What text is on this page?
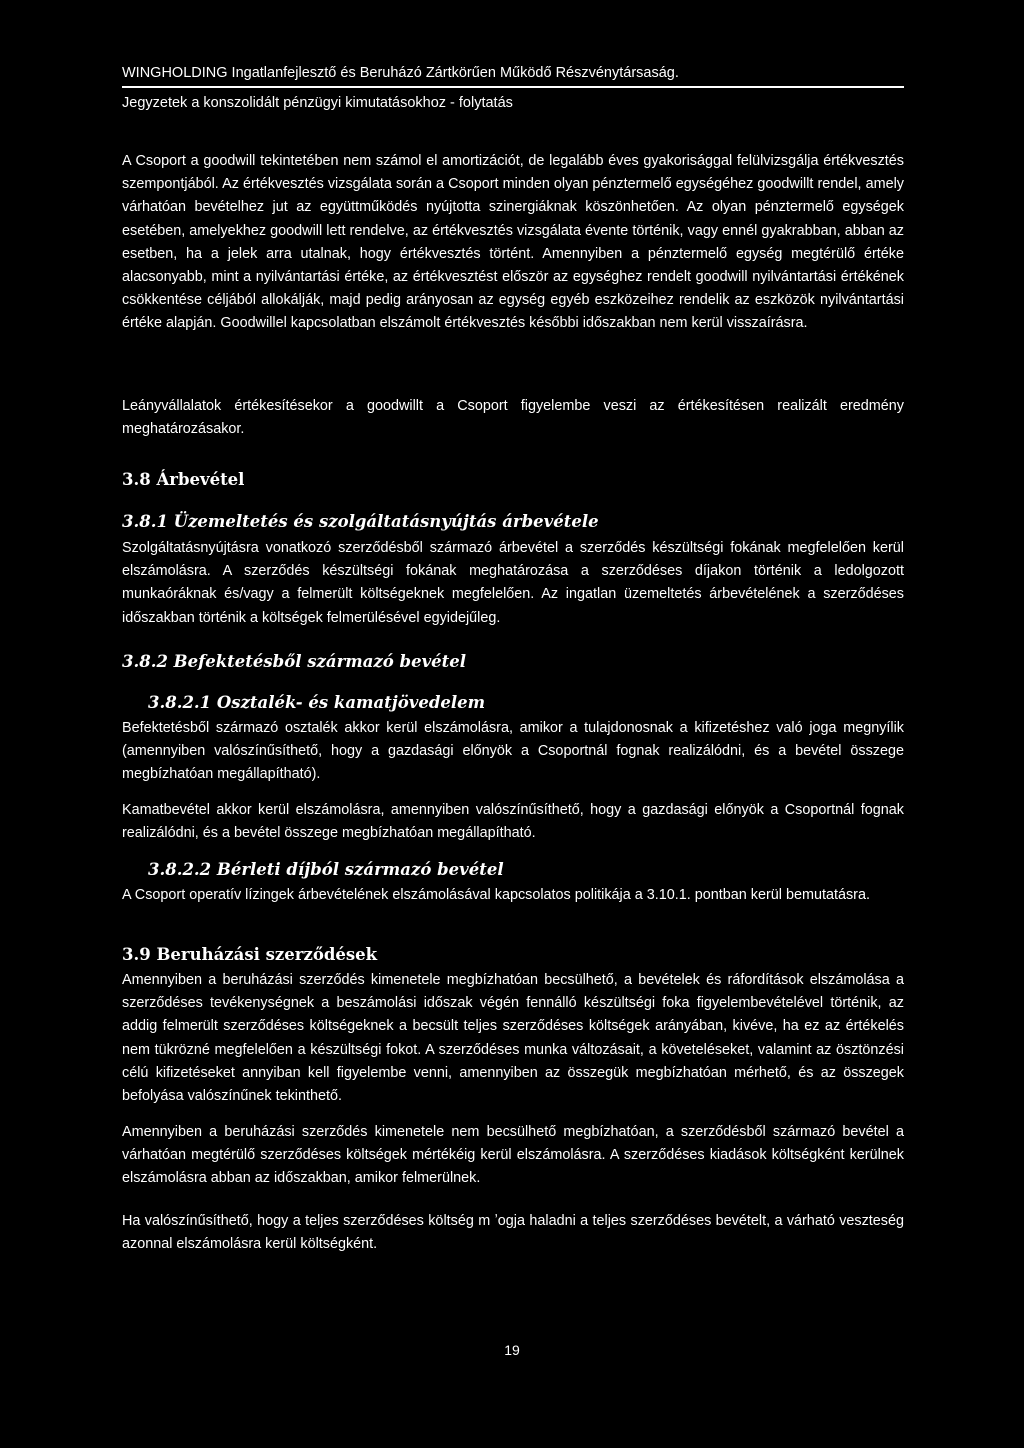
WINGHOLDING Ingatlanfejlesztő és Beruházó Zártkörűen Működő Részvénytársaság.
Jegyzetek a konszolidált pénzügyi kimutatásokhoz - folytatás

A Csoport a goodwill tekintetében nem számol el amortizációt, de legalább éves gyakorisággal felülvizsgálja értékvesztés szempontjából. Az értékvesztés vizsgálata során a Csoport minden olyan pénztermelő egységéhez goodwillt rendel, amely várhatóan bevételhez jut az együttműködés nyújtotta szinergiáknak köszönhetően. Az olyan pénztermelő egységek esetében, amelyekhez goodwill lett rendelve, az értékvesztés vizsgálata évente történik, vagy ennél gyakrabban, abban az esetben, ha a jelek arra utalnak, hogy értékvesztés történt. Amennyiben a pénztermelő egység megtérülő értéke alacsonyabb, mint a nyilvántartási értéke, az értékvesztést először az egységhez rendelt goodwill nyilvántartási értékének csökkentése céljából allokálják, majd pedig arányosan az egység egyéb eszközeihez rendelik az eszközök nyilvántartási értéke alapján. Goodwillel kapcsolatban elszámolt értékvesztés későbbi időszakban nem kerül visszaírásra.

Leányvállalatok értékesítésekor a goodwillt a Csoport figyelembe veszi az értékesítésen realizált eredmény meghatározásakor.

3.8 Árbevétel
3.8.1 Üzemeltetés és szolgáltatásnyújtás árbevétele

Szolgáltatásnyújtásra vonatkozó szerződésből származó árbevétel a szerződés készültségi fokának megfelelően kerül elszámolásra. A szerződés készültségi fokának meghatározása a szerződéses díjakon történik a ledolgozott munkaóráknak és/vagy a felmerült költségeknek megfelelően. Az ingatlan üzemeltetés árbevételének a szerződéses időszakban történik a költségek felmerülésével egyidejűleg.

3.8.2 Befektetésből származó bevétel
3.8.2.1 Osztalék- és kamatjövedelem

Befektetésből származó osztalék akkor kerül elszámolásra, amikor a tulajdonosnak a kifizetéshez való joga megnyílik (amennyiben valószínűsíthető, hogy a gazdasági előnyök a Csoportnál fognak realizálódni, és a bevétel összege megbízhatóan megállapítható).

Kamatbevétel akkor kerül elszámolásra, amennyiben valószínűsíthető, hogy a gazdasági előnyök a Csoportnál fognak realizálódni, és a bevétel összege megbízhatóan megállapítható.

3.8.2.2 Bérleti díjból származó bevétel

A Csoport operatív lízingek árbevételének elszámolásával kapcsolatos politikája a 3.10.1. pontban kerül bemutatásra.

3.9 Beruházási szerződések

Amennyiben a beruházási szerződés kimenetele megbízhatóan becsülhető, a bevételek és ráfordítások elszámolása a szerződéses tevékenységnek a beszámolási időszak végén fennálló készültségi foka figyelembevételével történik, az addig felmerült szerződéses költségeknek a becsült teljes szerződéses költségek arányában, kivéve, ha ez az értékelés nem tükrözné megfelelően a készültségi fokot. A szerződéses munka változásait, a követeléseket, valamint az ösztönzési célú kifizetéseket annyiban kell figyelembe venni, amennyiben az összegük megbízhatóan mérhető, és az összegek befolyása valószínűnek tekinthető.

Amennyiben a beruházási szerződés kimenetele nem becsülhető megbízhatóan, a szerződésből származó bevétel a várhatóan megtérülő szerződéses költségek mértékéig kerül elszámolásra. A szerződéses kiadások költségként kerülnek elszámolásra abban az időszakban, amikor felmerülnek.

Ha valószínűsíthető, hogy a teljes szerződéses költség m ʼogja haladni a teljes szerződéses bevételt, a várható veszteség azonnal elszámolásra kerül költségként.

19
